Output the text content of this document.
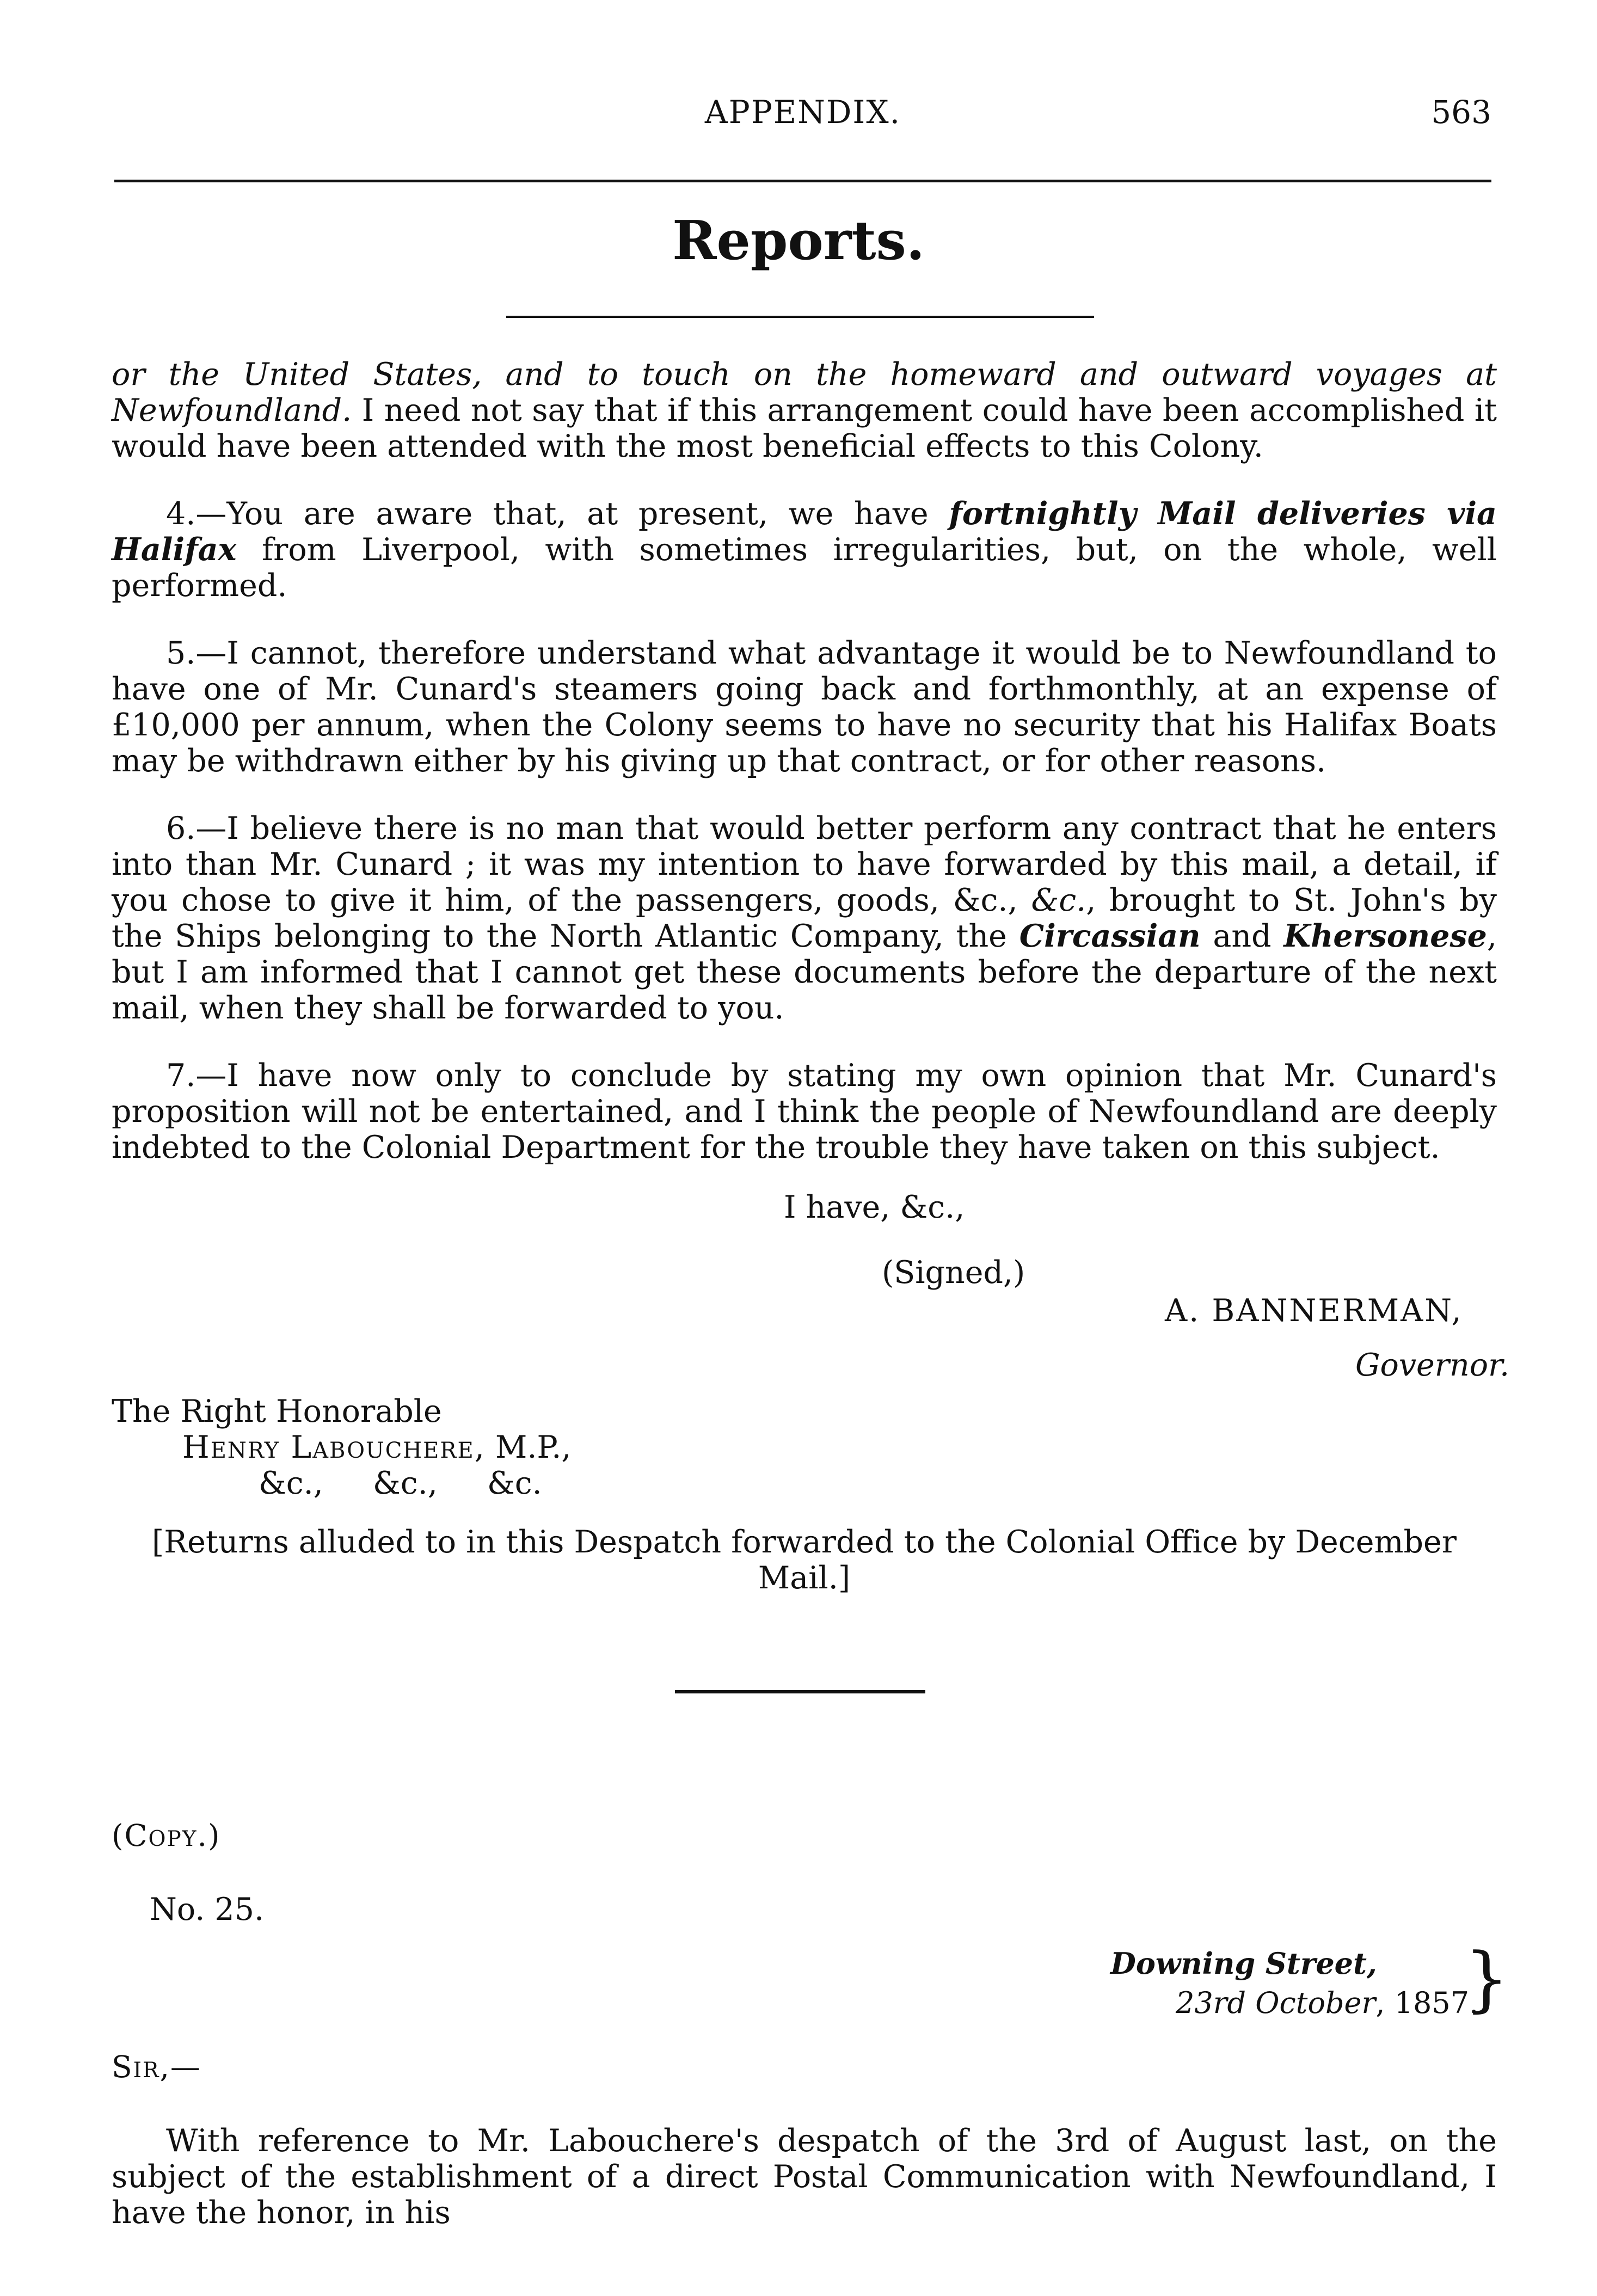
APPENDIX.	563
Reports.

or the United States, and to touch on the homeward and outward voyages at Newfoundland. I need not say that if this arrangement could have been accomplished it would have been attended with the most beneficial effects to this Colony.

4.—You are aware that, at present, we have fortnightly Mail deliveries via Halifax from Liverpool, with sometimes irregularities, but, on the whole, well performed.

5.—I cannot, therefore understand what advantage it would be to Newfoundland to have one of Mr. Cunard's steamers going back and forthmonthly, at an expense of £10,000 per annum, when the Colony seems to have no security that his Halifax Boats may be withdrawn either by his giving up that contract, or for other reasons.

6.—I believe there is no man that would better perform any contract that he enters into than Mr. Cunard ; it was my intention to have forwarded by this mail, a detail, if you chose to give it him, of the passengers, goods, &c., &c., brought to St. John's by the Ships belonging to the North Atlantic Company, the Circassian and Khersonese, but I am informed that I cannot get these documents before the departure of the next mail, when they shall be forwarded to you.

7.—I have now only to conclude by stating my own opinion that Mr. Cunard's proposition will not be entertained, and I think the people of Newfoundland are deeply indebted to the Colonial Department for the trouble they have taken on this subject.

I have, &c.,
(Signed,)
A. BANNERMAN,
Governor.
The Right Honorable
Henry Labouchere, M.P.,
&c., &c., &c.
[Returns alluded to in this Despatch forwarded to the Colonial Office by December Mail.]
(Copy.)
No. 25.
Downing Street,
23rd October, 1857.
}
Sir,—

With reference to Mr. Labouchere's despatch of the 3rd of August last, on the subject of the establishment of a direct Postal Communication with Newfoundland, I have the honor, in his
